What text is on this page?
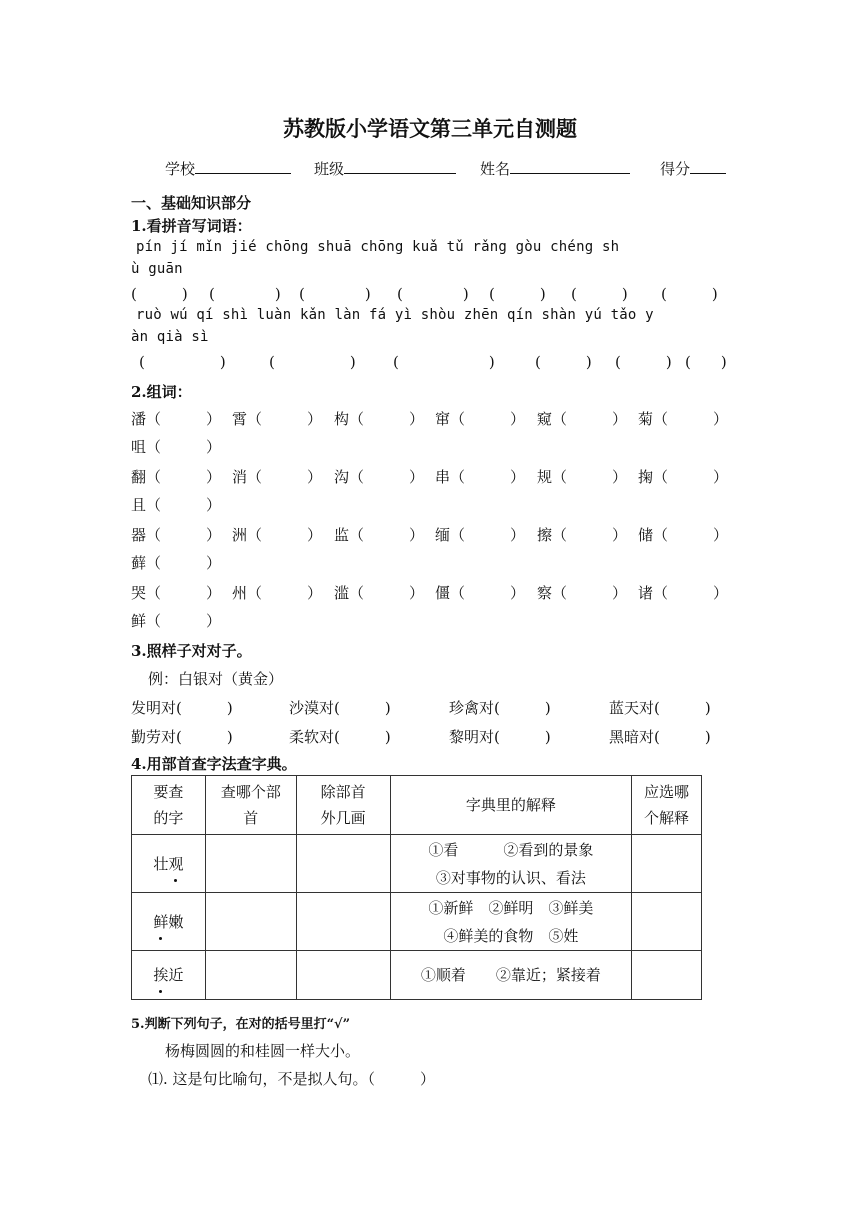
苏教版小学语文第三单元自测题
学校	班级	姓名	得分
一、基础知识部分
1.看拼音写词语：
pín jí mǐn jié chōng shuā chōng kuǎ tǔ rǎng gòu chéng sh
ù guān
(　　　) (　　　　) (　　　　) (　　　　) (　　　) (　　　) (　　　)
ruò wú qí shì luàn kǎn làn fá yì shòu zhēn qín shàn yú tǎo y
àn qià sì
(　　　　　)	(　　　　　) (　　　　　　)	(　　　) (　　　) (　　)
2.组词：
潘（　　　） 霄（　　　） 构（　　　） 窜（　　　） 窥（　　　） 菊（　　　）
咀（　　　）
翻（　　　） 消（　　　） 沟（　　　） 串（　　　） 规（　　　） 掬（　　　）
且（　　　）
器（　　　） 洲（　　　） 监（　　　） 缅（　　　） 擦（　　　） 储（　　　）
藓（　　　）
哭（　　　） 州（　　　） 滥（　　　） 僵（　　　） 察（　　　） 诸（　　　）
鲜（　　　）
3.照样子对对子。
例：白银对（黄金）
发明对(　　　)	沙漠对(　　　)	珍禽对(　　　)	蓝天对(　　　)
勤劳对(　　　)	柔软对(　　　)	黎明对(　　　)	黑暗对(　　　)
4.用部首查字法查字典。
要查的字	查哪个部 首	除部首外几画	字典里的解释	应选哪个解释

壮观			①看　　　②看到的景象
③对事物的认识、看法	

鲜嫩			①新鲜　②鲜明　③鲜美
④鲜美的食物　⑤姓	

挨近			①顺着　　②靠近；紧接着	
5.判断下列句子，在对的括号里打“√”
杨梅圆圆的和桂圆一样大小。
⑴. 这是句比喻句，不是拟人句。（　　　）
